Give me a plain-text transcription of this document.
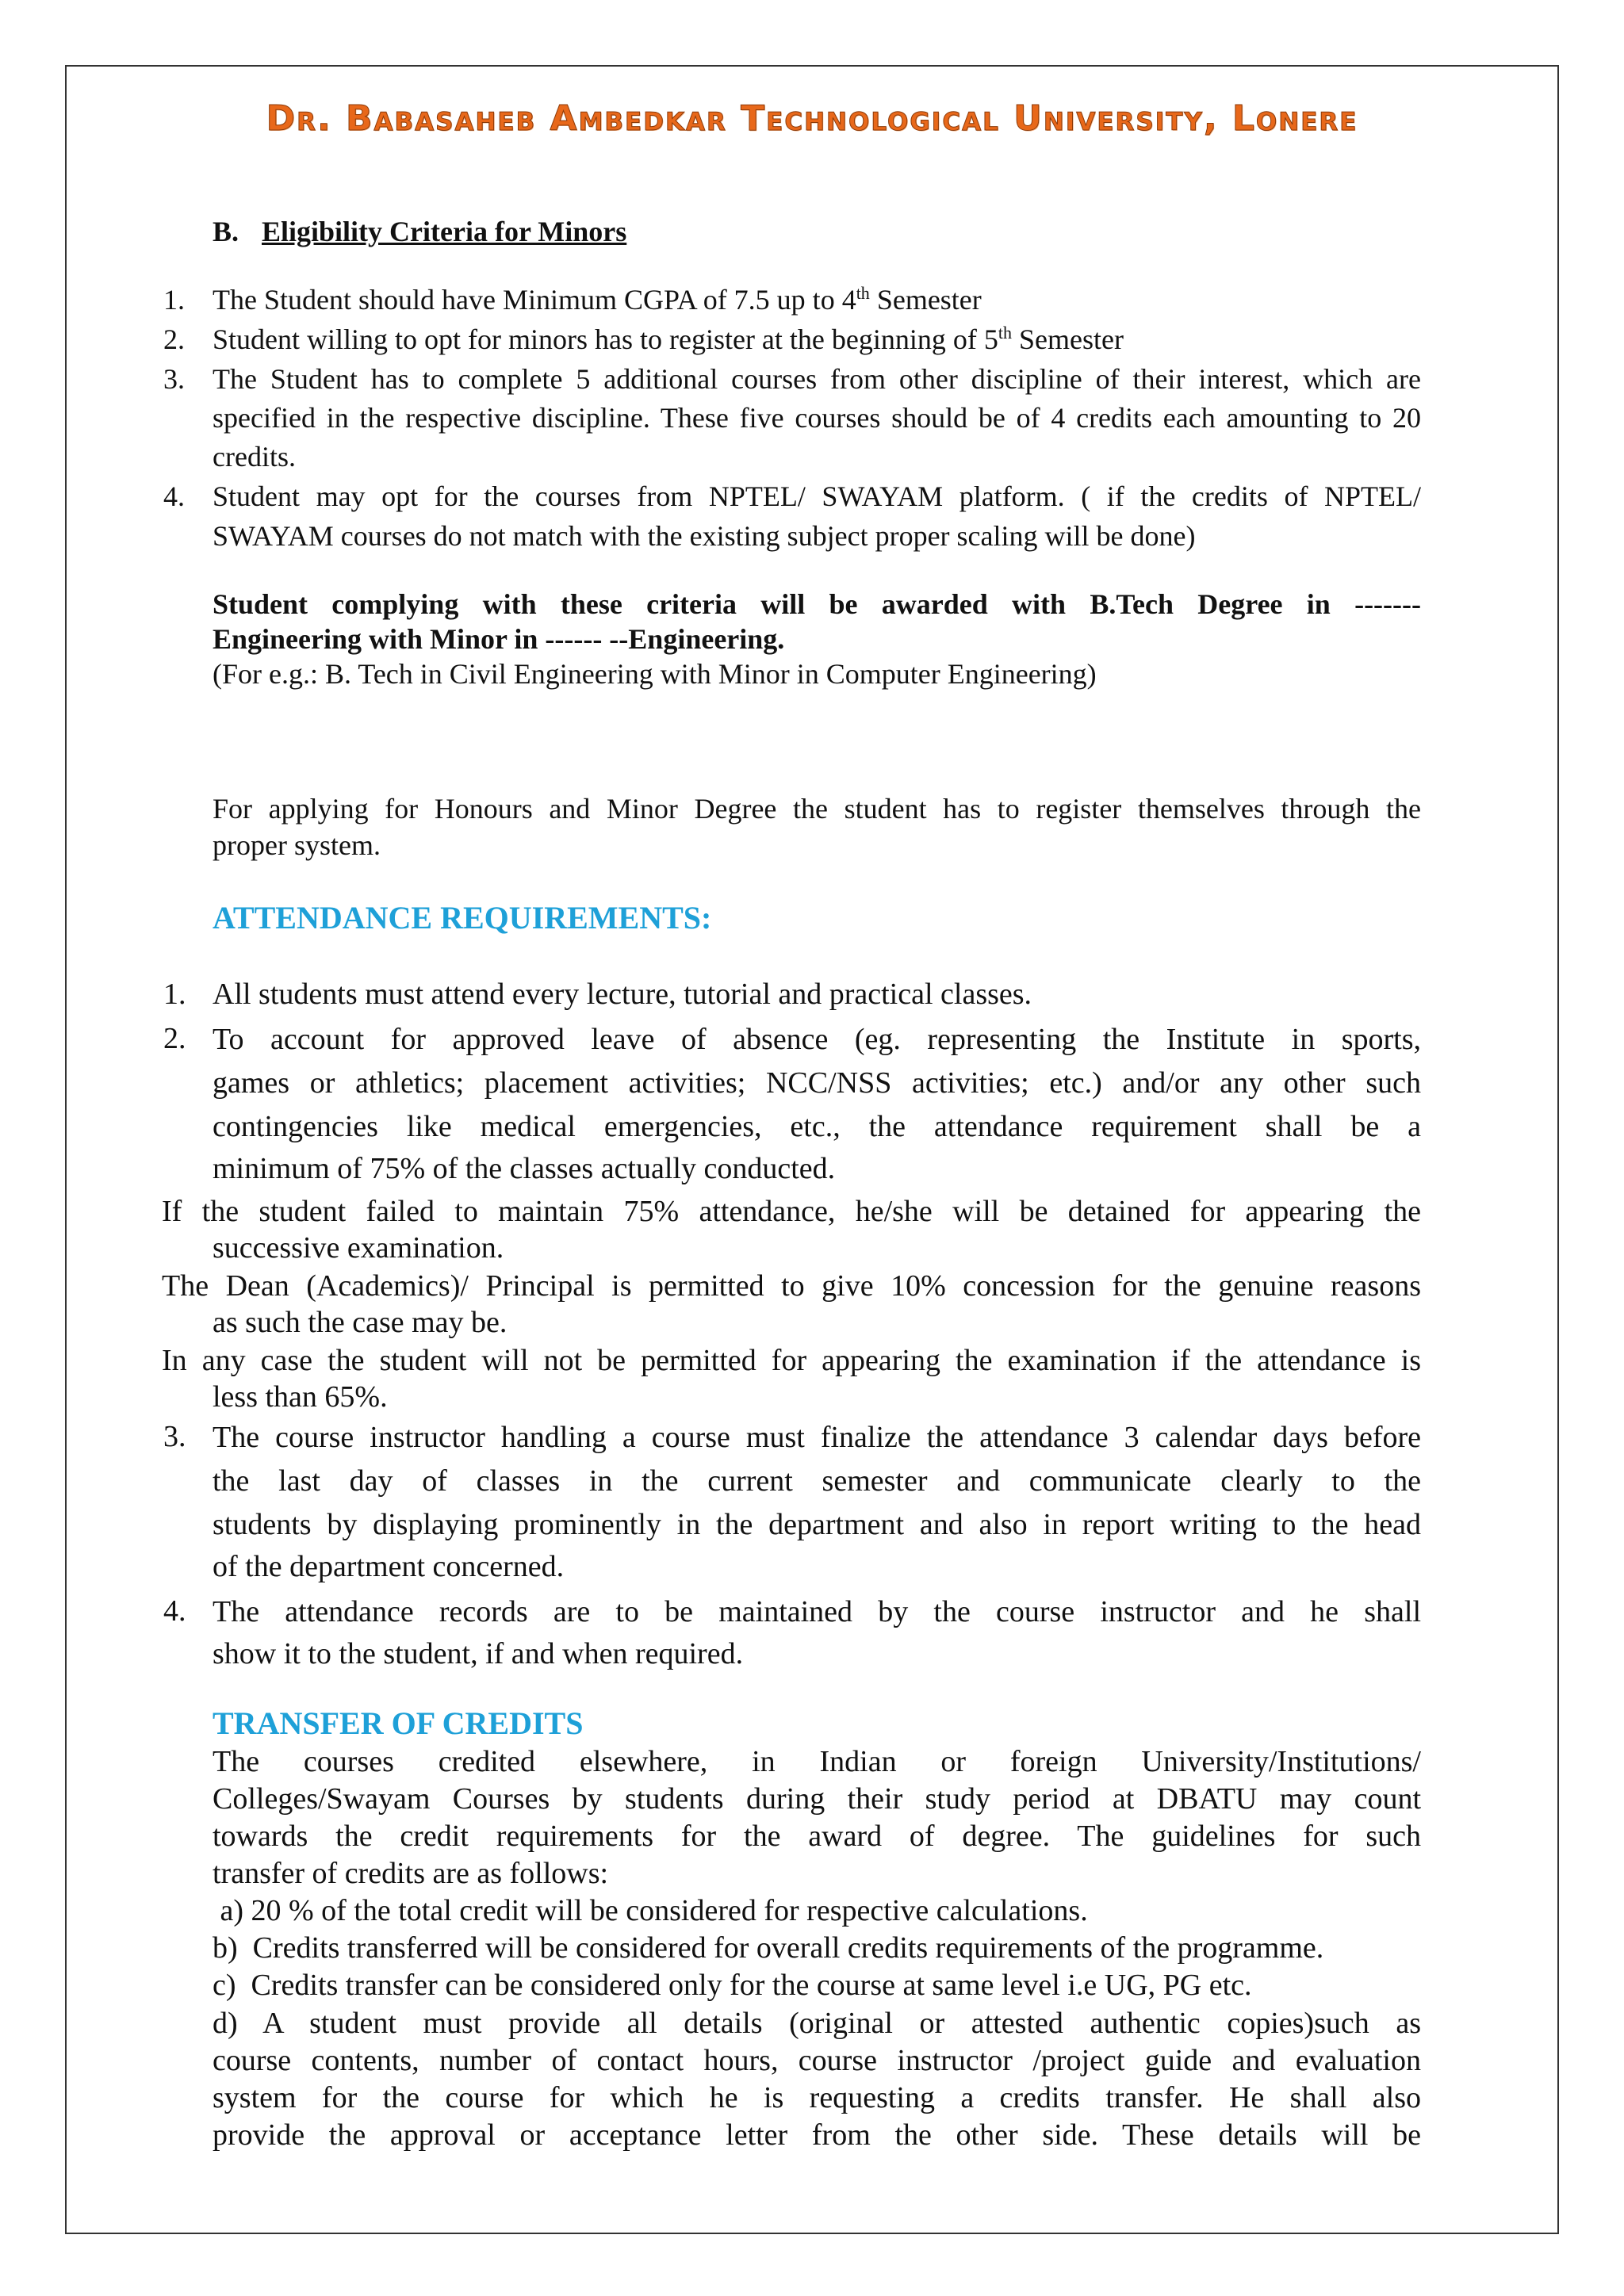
Dr. Babasaheb Ambedkar Technological University, Lonere
B. Eligibility Criteria for Minors
1. The Student should have Minimum CGPA of 7.5 up to 4th Semester
2. Student willing to opt for minors has to register at the beginning of 5th Semester
3. The Student has to complete 5 additional courses from other discipline of their interest, which are
specified in the respective discipline. These five courses should be of 4 credits each amounting to 20
credits.
4. Student may opt for the courses from NPTEL/ SWAYAM platform. ( if the credits of NPTEL/
SWAYAM courses do not match with the existing subject proper scaling will be done)
Student complying with these criteria will be awarded with B.Tech Degree in -------
Engineering with Minor in ------ --Engineering.
(For e.g.: B. Tech in Civil Engineering with Minor in Computer Engineering)
For applying for Honours and Minor Degree the student has to register themselves through the
proper system.
ATTENDANCE REQUIREMENTS:
1. All students must attend every lecture, tutorial and practical classes.
2. To account for approved leave of absence (eg. representing the Institute in sports,
games or athletics; placement activities; NCC/NSS activities; etc.) and/or any other such
contingencies like medical emergencies, etc., the attendance requirement shall be a
minimum of 75% of the classes actually conducted.
If the student failed to maintain 75% attendance, he/she will be detained for appearing the
successive examination.
The Dean (Academics)/ Principal is permitted to give 10% concession for the genuine reasons
as such the case may be.
In any case the student will not be permitted for appearing the examination if the attendance is
less than 65%.
3. The course instructor handling a course must finalize the attendance 3 calendar days before
the last day of classes in the current semester and communicate clearly to the
students by displaying prominently in the department and also in report writing to the head
of the department concerned.
4. The attendance records are to be maintained by the course instructor and he shall
show it to the student, if and when required.
TRANSFER OF CREDITS
The courses credited elsewhere, in Indian or foreign University/Institutions/
Colleges/Swayam Courses by students during their study period at DBATU may count
towards the credit requirements for the award of degree. The guidelines for such
transfer of credits are as follows:
a) 20 % of the total credit will be considered for respective calculations.
b)  Credits transferred will be considered for overall credits requirements of the programme.
c)  Credits transfer can be considered only for the course at same level i.e UG, PG etc.
d) A student must provide all details (original or attested authentic copies)such as
course contents, number of contact hours, course instructor /project guide and evaluation
system for the course for which he is requesting a credits transfer. He shall also
provide the approval or acceptance letter from the other side. These details will be
